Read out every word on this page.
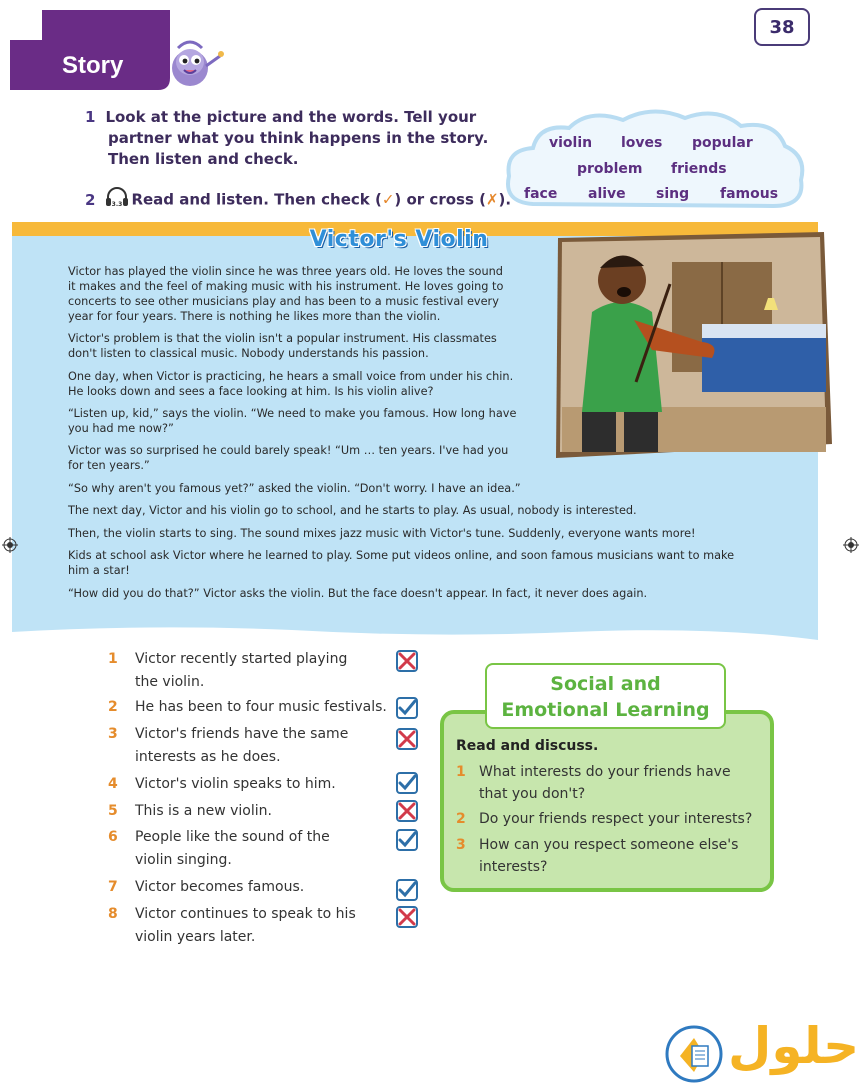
Story
38
1 Look at the picture and the words. Tell your
partner what you think happens in the story.
Then listen and check.
2	3.3 Read and listen. Then check (✓) or cross (✗).
violin loves popular
problem friends
face alive sing famous
Victor's Violin
Victor has played the violin since he was three years old. He loves the sound
it makes and the feel of making music with his instrument. He loves going to
concerts to see other musicians play and has been to a music festival every
year for four years. There is nothing he likes more than the violin.
Victor's problem is that the violin isn't a popular instrument. His classmates
don't listen to classical music. Nobody understands his passion.
One day, when Victor is practicing, he hears a small voice from under his chin.
He looks down and sees a face looking at him. Is his violin alive?
“Listen up, kid,” says the violin. “We need to make you famous. How long have
you had me now?”
Victor was so surprised he could barely speak! “Um … ten years. I've had you
for ten years.”
“So why aren't you famous yet?” asked the violin. “Don't worry. I have an idea.”
The next day, Victor and his violin go to school, and he starts to play. As usual, nobody is interested.
Then, the violin starts to sing. The sound mixes jazz music with Victor's tune. Suddenly, everyone wants more!
Kids at school ask Victor where he learned to play. Some put videos online, and soon famous musicians want to make
him a star!
“How did you do that?” Victor asks the violin. But the face doesn't appear. In fact, it never does again.
1 Victor recently started playing
the violin.
2 He has been to four music festivals.
3 Victor's friends have the same
interests as he does.
4 Victor's violin speaks to him.
5 This is a new violin.
6 People like the sound of the
violin singing.
7 Victor becomes famous.
8 Victor continues to speak to his
violin years later.
Social and
Emotional Learning
Read and discuss.
1 What interests do your friends have
that you don't?
2 Do your friends respect your interests?
3 How can you respect someone else's
interests?
حلول
